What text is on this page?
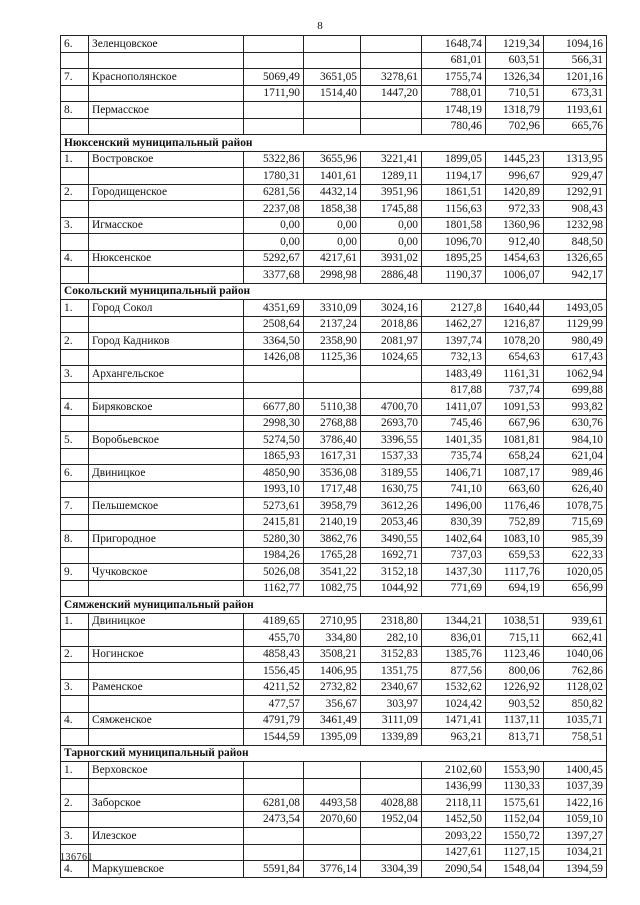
8
6.	Зеленцовское				1648,74	1219,34	1094,16
					681,01	603,51	566,31
7.	Краснополянское	5069,49	3651,05	3278,61	1755,74	1326,34	1201,16
		1711,90	1514,40	1447,20	788,01	710,51	673,31
8.	Пермасское				1748,19	1318,79	1193,61
					780,46	702,96	665,76
Нюксенский муниципальный район							
1.	Востровское	5322,86	3655,96	3221,41	1899,05	1445,23	1313,95
		1780,31	1401,61	1289,11	1194,17	996,67	929,47
2.	Городищенское	6281,56	4432,14	3951,96	1861,51	1420,89	1292,91
		2237,08	1858,38	1745,88	1156,63	972,33	908,43
3.	Игмасское	0,00	0,00	0,00	1801,58	1360,96	1232,98
		0,00	0,00	0,00	1096,70	912,40	848,50
4.	Нюксенское	5292,67	4217,61	3931,02	1895,25	1454,63	1326,65
		3377,68	2998,98	2886,48	1190,37	1006,07	942,17
Сокольский муниципальный район							
1.	Город Сокол	4351,69	3310,09	3024,16	2127,8	1640,44	1493,05
		2508,64	2137,24	2018,86	1462,27	1216,87	1129,99
2.	Город Кадников	3364,50	2358,90	2081,97	1397,74	1078,20	980,49
		1426,08	1125,36	1024,65	732,13	654,63	617,43
3.	Архангельское				1483,49	1161,31	1062,94
					817,88	737,74	699,88
4.	Биряковское	6677,80	5110,38	4700,70	1411,07	1091,53	993,82
		2998,30	2768,88	2693,70	745,46	667,96	630,76
5.	Воробьевское	5274,50	3786,40	3396,55	1401,35	1081,81	984,10
		1865,93	1617,31	1537,33	735,74	658,24	621,04
6.	Двиницкое	4850,90	3536,08	3189,55	1406,71	1087,17	989,46
		1993,10	1717,48	1630,75	741,10	663,60	626,40
7.	Пельшемское	5273,61	3958,79	3612,26	1496,00	1176,46	1078,75
		2415,81	2140,19	2053,46	830,39	752,89	715,69
8.	Пригородное	5280,30	3862,76	3490,55	1402,64	1083,10	985,39
		1984,26	1765,28	1692,71	737,03	659,53	622,33
9.	Чучковское	5026,08	3541,22	3152,18	1437,30	1117,76	1020,05
		1162,77	1082,75	1044,92	771,69	694,19	656,99
Сямженский муниципальный район							
1.	Двиницкое	4189,65	2710,95	2318,80	1344,21	1038,51	939,61
		455,70	334,80	282,10	836,01	715,11	662,41
2.	Ногинское	4858,43	3508,21	3152,83	1385,76	1123,46	1040,06
		1556,45	1406,95	1351,75	877,56	800,06	762,86
3.	Раменское	4211,52	2732,82	2340,67	1532,62	1226,92	1128,02
		477,57	356,67	303,97	1024,42	903,52	850,82
4.	Сямженское	4791,79	3461,49	3111,09	1471,41	1137,11	1035,71
		1544,59	1395,09	1339,89	963,21	813,71	758,51
Тарногский муниципальный район							
1.	Верховское				2102,60	1553,90	1400,45
					1436,99	1130,33	1037,39
2.	Заборское	6281,08	4493,58	4028,88	2118,11	1575,61	1422,16
		2473,54	2070,60	1952,04	1452,50	1152,04	1059,10
3.	Илезское				2093,22	1550,72	1397,27
					1427,61	1127,15	1034,21
4.	Маркушевское	5591,84	3776,14	3304,39	2090,54	1548,04	1394,59
136761
